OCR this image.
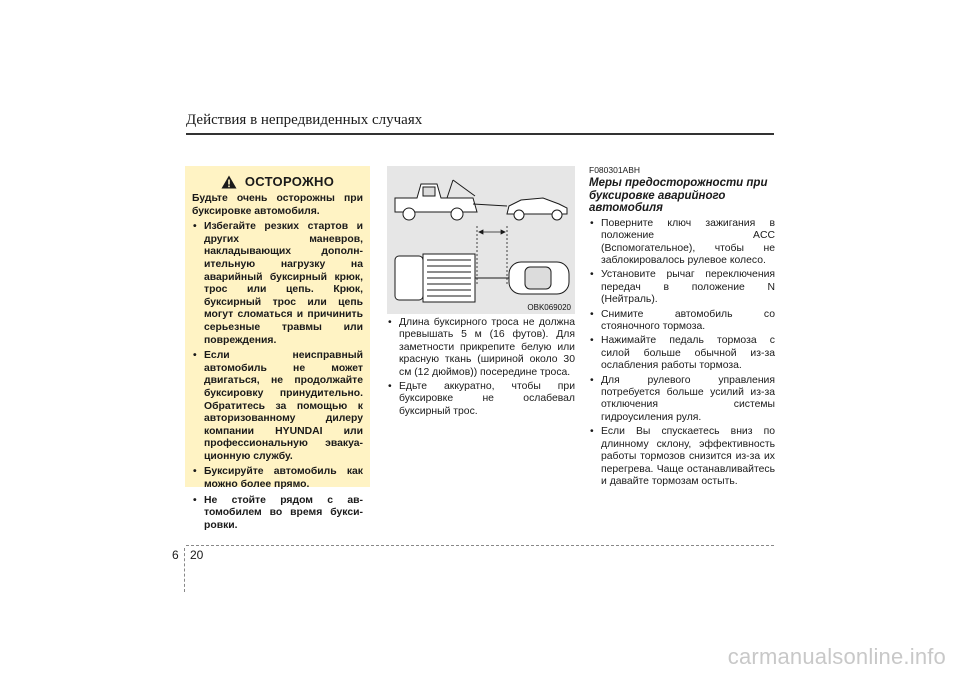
Действия в непредвиденных случаях
ОСТОРОЖНО
Будьте очень осторожны при буксировке автомобиля.
• Избегайте резких стартов и других маневров, накладывающих дополн-ительную нагрузку на аварийный буксирный крюк, трос или цепь. Крюк, буксирный трос или цепь могут сломаться и причинить серьезные травмы или повреждения.
• Если неисправный автомобиль не может двигаться, не продолжайте буксировку принудительно. Обратитесь за помощью к авторизованному дилеру компании HYUNDAI или профессиональную эвакуа-ционную службу.
• Буксируйте автомобиль как можно более прямо.
• Не стойте рядом с ав-томобилем во время букси-ровки.
OBK069020
• Длина буксирного троса не должна превышать 5 м (16 футов). Для заметности прикрепите белую или красную ткань (шириной около 30 см (12 дюймов)) посередине троса.
• Едьте аккуратно, чтобы при буксировке не ослабевал буксирный трос.
F080301ABH
Меры предосторожности при буксировке аварийного автомобиля
• Поверните ключ зажигания в положение ACC (Вспомогательное), чтобы не заблокировалось рулевое колесо.
• Установите рычаг переключения передач в положение N (Нейтраль).
• Снимите автомобиль со стояночного тормоза.
• Нажимайте педаль тормоза с силой больше обычной из-за ослабления работы тормоза.
• Для рулевого управления потребуется больше усилий из-за отключения системы гидроусиления руля.
• Если Вы спускаетесь вниз по длинному склону, эффективность работы тормозов снизится из-за их перегрева. Чаще останавливайтесь и давайте тормозам остыть.
6 20
carmanualsonline.info
